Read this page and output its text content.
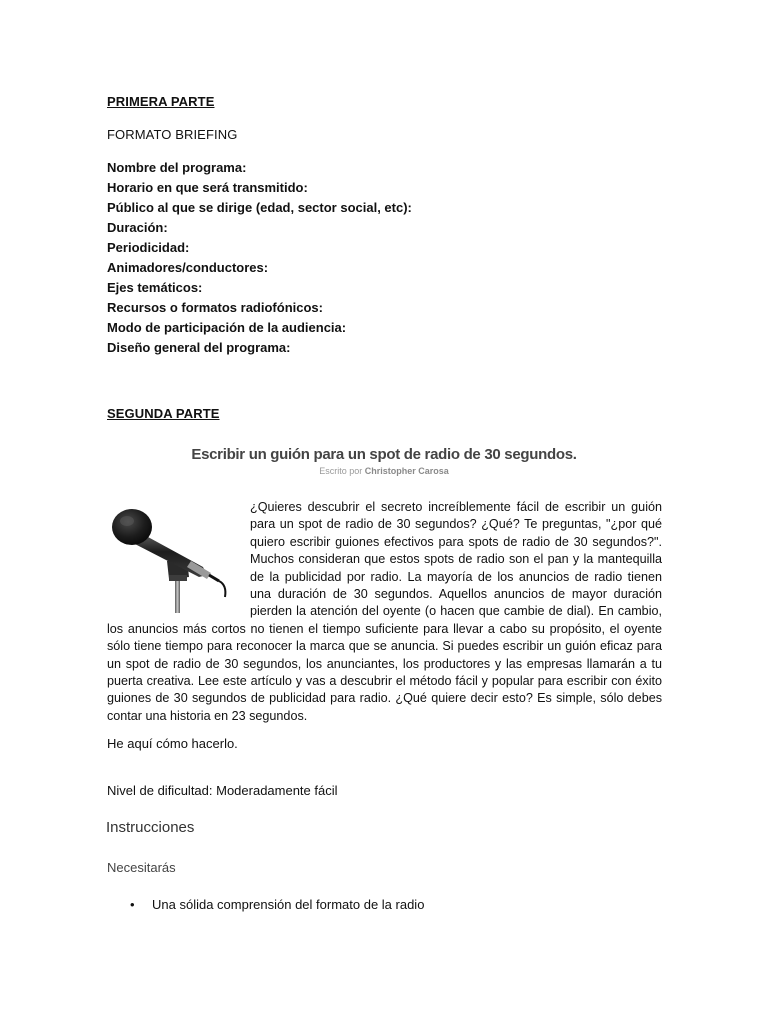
PRIMERA PARTE

FORMATO BRIEFING

Nombre del programa:
Horario en que será transmitido:
Público al que se dirige (edad, sector social, etc):
Duración:
Periodicidad:
Animadores/conductores:
Ejes temáticos:
Recursos o formatos radiofónicos:
Modo de participación de la audiencia:
Diseño general del programa:

SEGUNDA PARTE

Escribir un guión para un spot de radio de 30 segundos.

Escrito por Christopher Carosa

¿Quieres descubrir el secreto increíblemente fácil de escribir un guión para un spot de radio de 30 segundos? ¿Qué? Te preguntas, "¿por qué quiero escribir guiones efectivos para spots de radio de 30 segundos?". Muchos consideran que estos spots de radio son el pan y la mantequilla de la publicidad por radio. La mayoría de los anuncios de radio tienen una duración de 30 segundos. Aquellos anuncios de mayor duración pierden la atención del oyente (o hacen que cambie de dial). En cambio, los anuncios más cortos no tienen el tiempo suficiente para llevar a cabo su propósito, el oyente sólo tiene tiempo para reconocer la marca que se anuncia. Si puedes escribir un guión eficaz para un spot de radio de 30 segundos, los anunciantes, los productores y las empresas llamarán a tu puerta creativa. Lee este artículo y vas a descubrir el método fácil y popular para escribir con éxito guiones de 30 segundos de publicidad para radio. ¿Qué quiere decir esto? Es simple, sólo debes contar una historia en 23 segundos.

He aquí cómo hacerlo.

Nivel de dificultad: Moderadamente fácil

Instrucciones

Necesitarás

• Una sólida comprensión del formato de la radio
